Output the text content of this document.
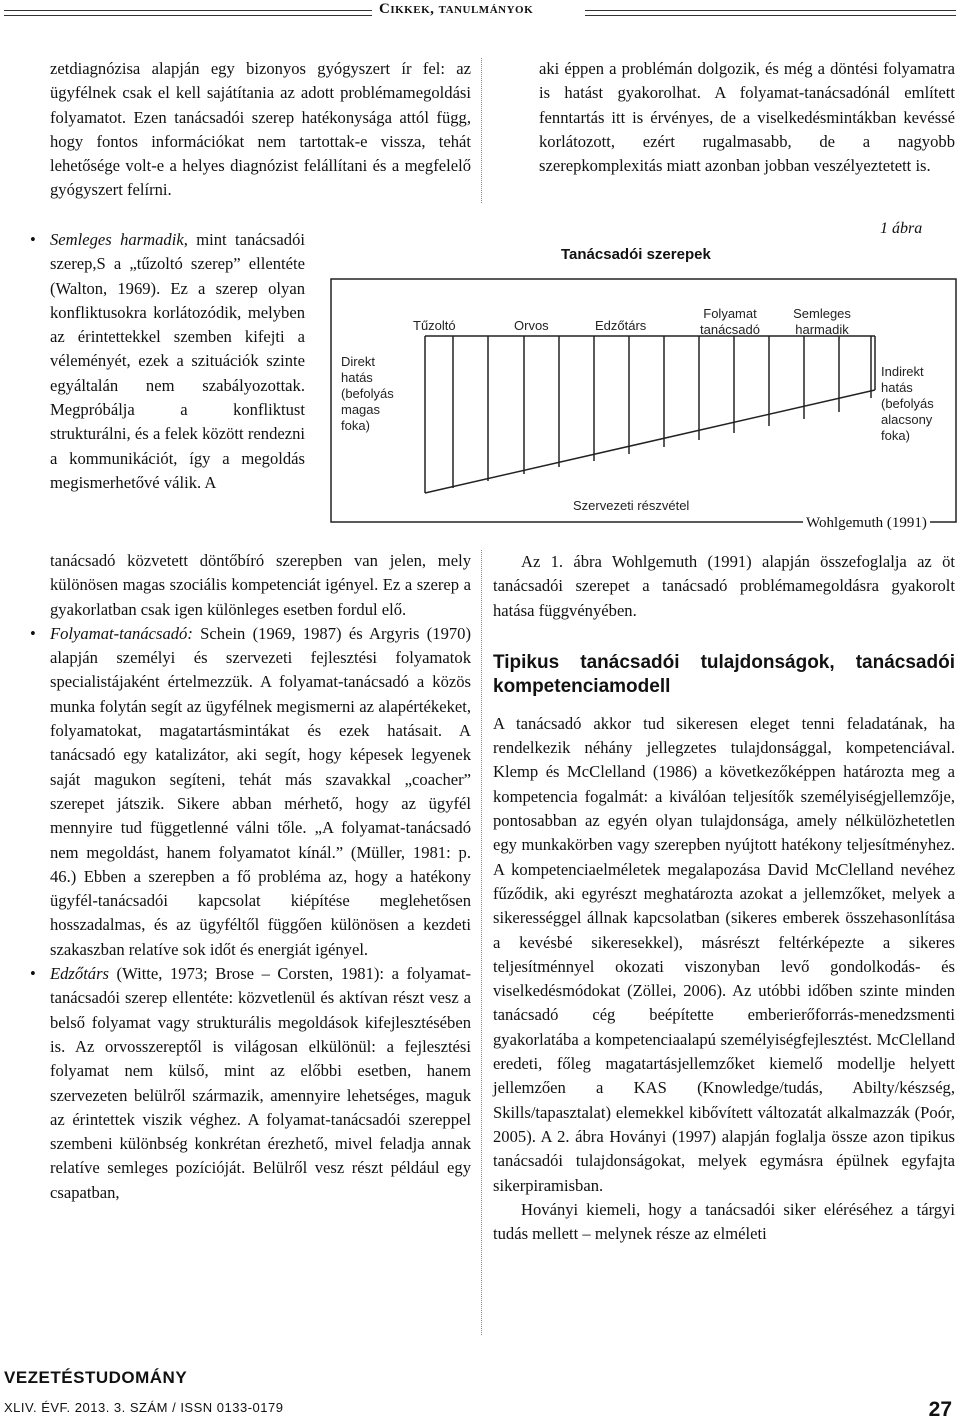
Cikkek, tanulmányok

zetdiagnózisa alapján egy bizonyos gyógyszert ír fel: az ügyfélnek csak el kell sajátítania az adott problémamegoldási folyamatot. Ezen tanácsadói szerep hatékonysága attól függ, hogy fontos információkat nem tartottak-e vissza, tehát lehetősége volt-e a helyes diagnózist felállítani és a megfelelő gyógyszert felírni.

• Semleges harmadik, mint tanácsadói szerep,S a „tűzoltó szerep” ellentéte (Walton, 1969). Ez a szerep olyan konfliktusokra korlátozódik, melyben az érintettekkel szemben kifejti a véleményét, ezek a szituációk szinte egyáltalán nem szabályozottak. Megpróbálja a konfliktust strukturálni, és a felek között rendezni a kommunikációt, így a megoldás megismerhetővé válik. A

tanácsadó közvetett döntőbíró szerepben van jelen, mely különösen magas szociális kompetenciát igényel. Ez a szerep a gyakorlatban csak igen különleges esetben fordul elő.

• Folyamat-tanácsadó: Schein (1969, 1987) és Argyris (1970) alapján személyi és szervezeti fejlesztési folyamatok specialistájaként értelmezzük. A folyamat-tanácsadó a közös munka folytán segít az ügyfélnek megismerni az alapértékeket, folyamatokat, magatartásmintákat és ezek hatásait. A tanácsadó egy katalizátor, aki segít, hogy képesek legyenek saját magukon segíteni, tehát más szavakkal „coacher” szerepet játszik. Sikere abban mérhető, hogy az ügyfél mennyire tud függetlenné válni tőle. „A folyamat-tanácsadó nem megoldást, hanem folyamatot kínál.” (Müller, 1981: p. 46.) Ebben a szerepben a fő probléma az, hogy a hatékony ügyfél-tanácsadói kapcsolat kiépítése meglehetősen hosszadalmas, és az ügyféltől függően különösen a kezdeti szakaszban relatíve sok időt és energiát igényel.
• Edzőtárs (Witte, 1973; Brose – Corsten, 1981): a folyamat-tanácsadói szerep ellentéte: közvetlenül és aktívan részt vesz a belső folyamat vagy strukturális megoldások kifejlesztésében is. Az orvosszereptől is világosan elkülönül: a fejlesztési folyamat nem külső, mint az előbbi esetben, hanem szervezeten belülről származik, amennyire lehetséges, maguk az érintettek viszik véghez. A folyamat-tanácsadói szereppel szembeni különbség konkrétan érezhető, mivel feladja annak relatíve semleges pozícióját. Belülről vesz részt például egy csapatban,

aki éppen a problémán dolgozik, és még a döntési folyamatra is hatást gyakorolhat. A folyamat-tanácsadónál említett fenntartás itt is érvényes, de a viselkedésmintákban kevéssé korlátozott, ezért rugalmasabb, de a nagyobb szerepkomplexitás miatt azonban jobban veszélyeztetett is.

1 ábra
Tanácsadói szerepek
Tűzoltó	Orvos	Edzőtárs
Folyamat tanácsadó
Semleges harmadik
Direkt hatás (befolyás magas foka)
Indirekt hatás (befolyás alacsony foka)
Szervezeti részvétel
Wohlgemuth (1991)

Az 1. ábra Wohlgemuth (1991) alapján összefoglalja az öt tanácsadói szerepet a tanácsadó problémamegoldásra gyakorolt hatása függvényében.

Tipikus tanácsadói tulajdonságok, tanácsadói kompetenciamodell

A tanácsadó akkor tud sikeresen eleget tenni feladatának, ha rendelkezik néhány jellegzetes tulajdonsággal, kompetenciával. Klemp és McClelland (1986) a következőképpen határozta meg a kompetencia fogalmát: a kiválóan teljesítők személyiségjellemzője, pontosabban az egyén olyan tulajdonsága, amely nélkülözhetetlen egy munkakörben vagy szerepben nyújtott hatékony teljesítményhez. A kompetenciaelméletek megalapozása David McClelland nevéhez fűződik, aki egyrészt meghatározta azokat a jellemzőket, melyek a sikerességgel állnak kapcsolatban (sikeres emberek összehasonlítása a kevésbé sikeresekkel), másrészt feltérképezte a sikeres teljesítménnyel okozati viszonyban levő gondolkodás- és viselkedésmódokat (Zöllei, 2006). Az utóbbi időben szinte minden tanácsadó cég beépítette emberierőforrás-menedzsmenti gyakorlatába a kompetenciaalapú személyiségfejlesztést. McClelland eredeti, főleg magatartásjellemzőket kiemelő modellje helyett jellemzően a KAS (Knowledge/tudás, Abilty/készség, Skills/tapasztalat) elemekkel kibővített változatát alkalmazzák (Poór, 2005). A 2. ábra Hoványi (1997) alapján foglalja össze azon tipikus tanácsadói tulajdonságokat, melyek egymásra épülnek egyfajta sikerpiramisban.

Hoványi kiemeli, hogy a tanácsadói siker eléréséhez a tárgyi tudás mellett – melynek része az elméleti

VEZETÉSTUDOMÁNY
XLIV. ÉVF. 2013. 3. SZÁM / ISSN 0133-0179	27
